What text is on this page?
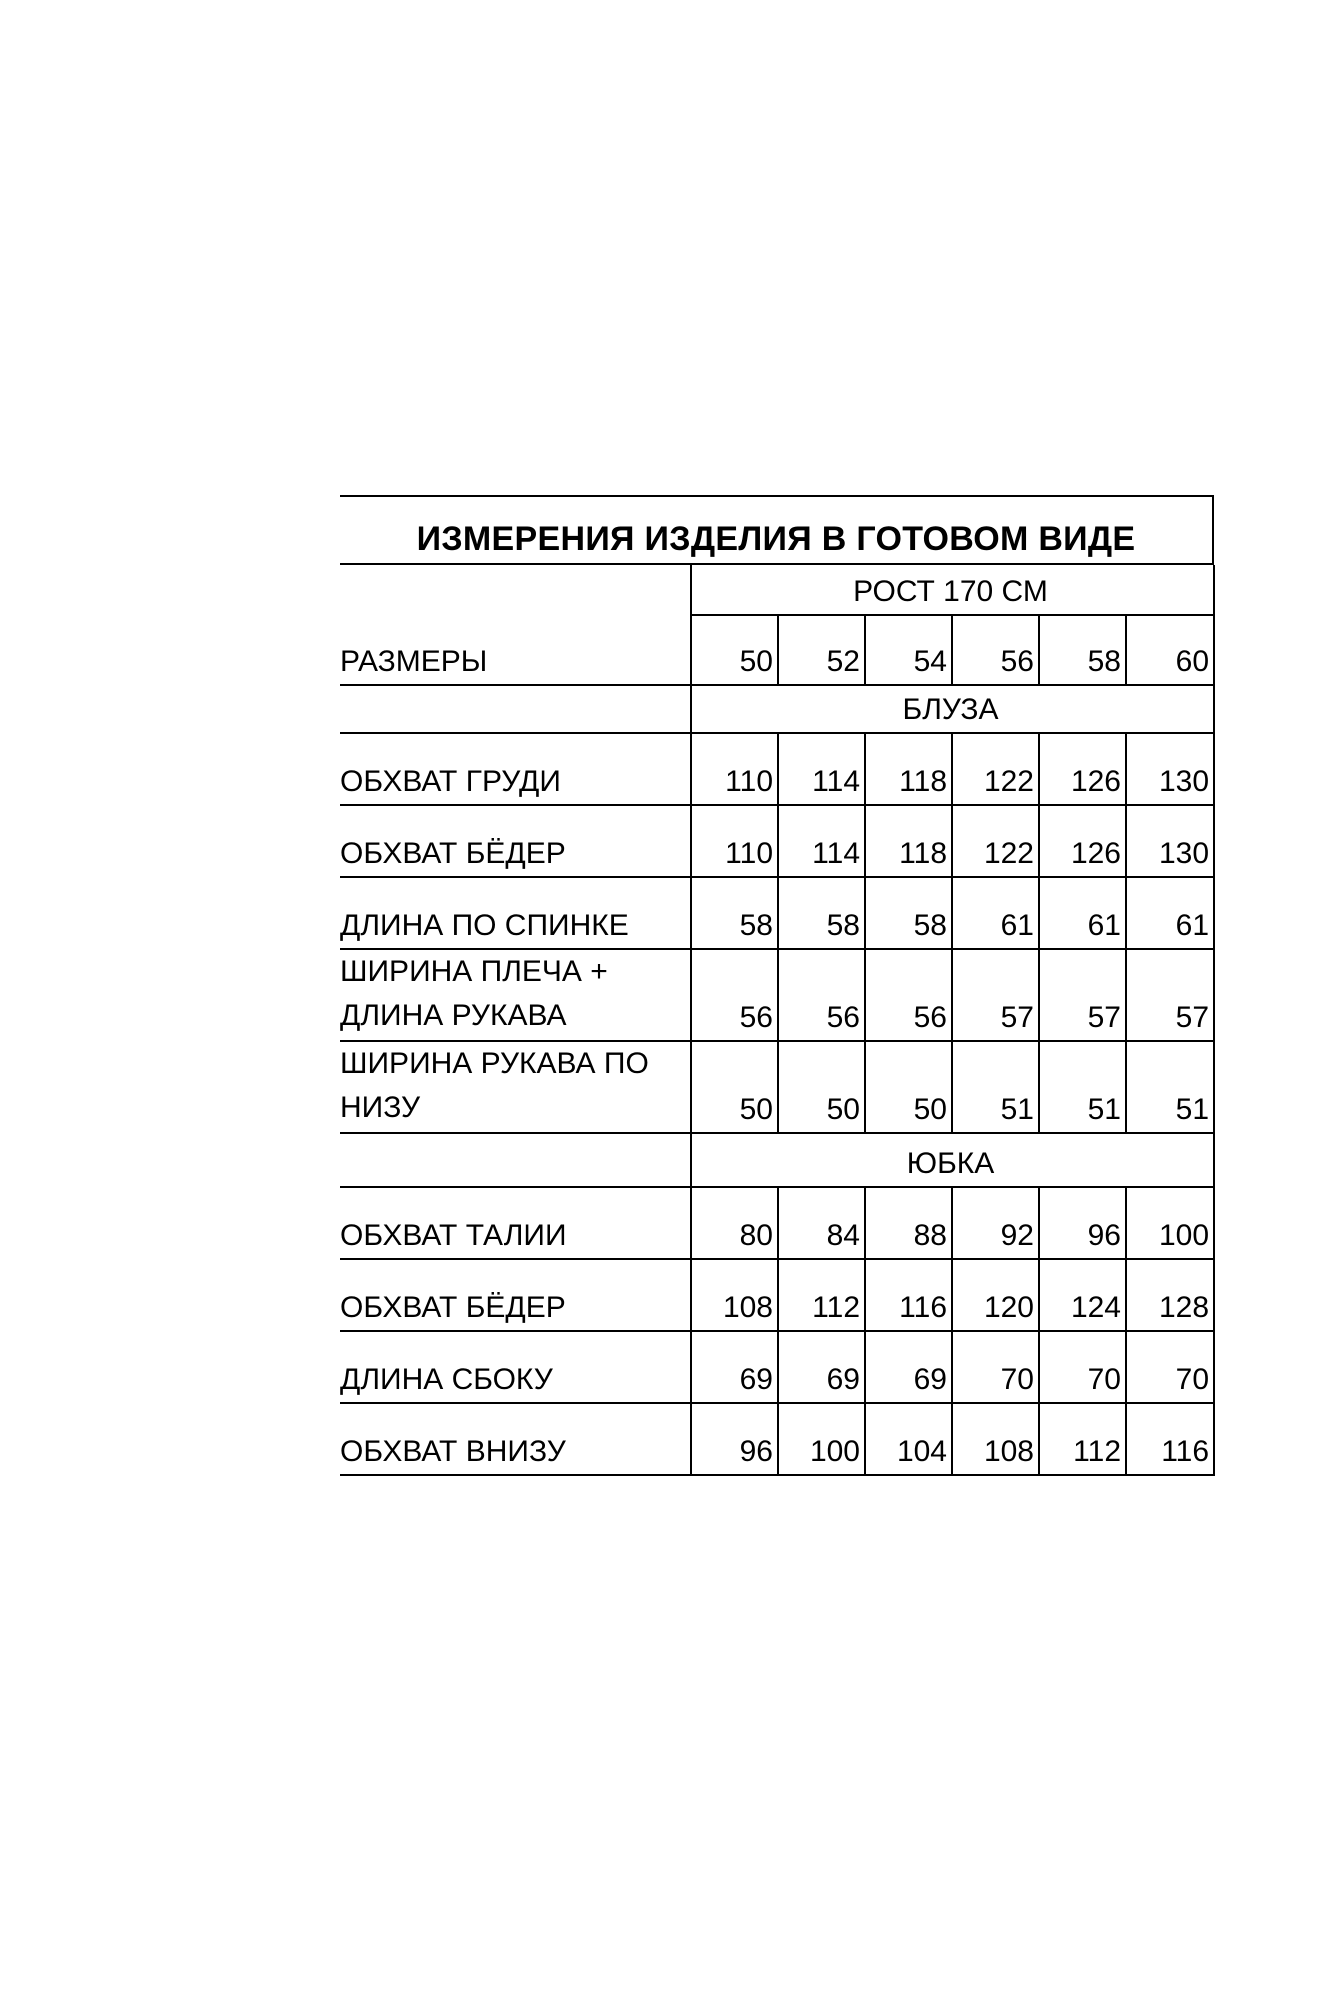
ИЗМЕРЕНИЯ ИЗДЕЛИЯ В ГОТОВОМ ВИДЕ
	РОСТ 170 СМ					
РАЗМЕРЫ	50	52	54	56	58	60
	БЛУЗА					
ОБХВАТ ГРУДИ	110	114	118	122	126	130
ОБХВАТ БЁДЕР	110	114	118	122	126	130
ДЛИНА ПО СПИНКЕ	58	58	58	61	61	61
ШИРИНА ПЛЕЧА + ДЛИНА РУКАВА	56	56	56	57	57	57
ШИРИНА РУКАВА ПО НИЗУ	50	50	50	51	51	51
	ЮБКА					
ОБХВАТ ТАЛИИ	80	84	88	92	96	100
ОБХВАТ БЁДЕР	108	112	116	120	124	128
ДЛИНА СБОКУ	69	69	69	70	70	70
ОБХВАТ ВНИЗУ	96	100	104	108	112	116
